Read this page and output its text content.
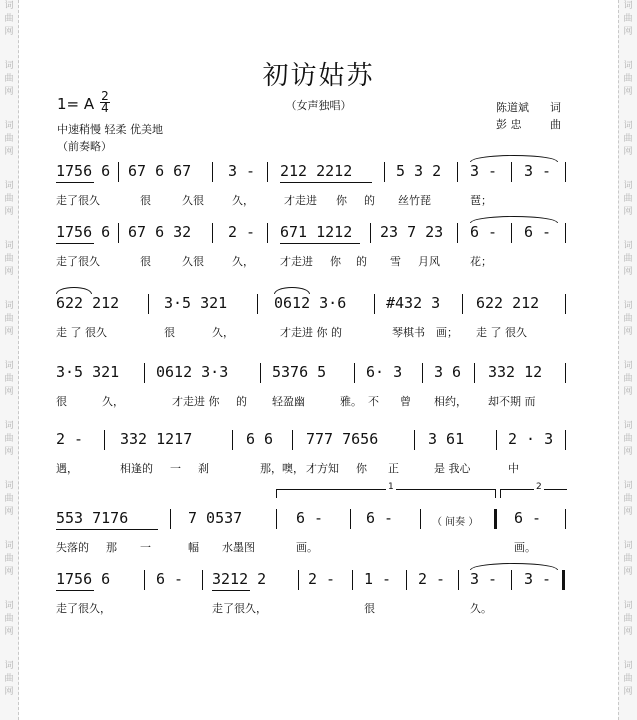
词
曲
网
词
曲
网
词
曲
网
词
曲
网
词
曲
网
词
曲
网
词
曲
网
词
曲
网
词
曲
网
词
曲
网
词
曲
网
词
曲
网
词
曲
网
词
曲
网
词
曲
网
词
曲
网
词
曲
网
词
曲
网
词
曲
网
词
曲
网
词
曲
网
词
曲
网
词
曲
网
词
曲
网
初访姑苏
（女声独唱）
1= A $\frac{2}{4}$
中速稍慢 轻柔 优美地
（前奏略）
陈道斌 词
彭 忠	曲
1756 6 67 6 67 3 - 212 2212	5 3 2 3 - 3 -
走了很久	很	久很	久，	才走进 你 的 丝竹琵	琶；
1756 6 67 6 32 2 - 671 1212 23 7 23 6 - 6 -
走了很久	很	久很	久， 才走进 你 的 雪 月风	花；
622 212	3·5 321	0612 3·6	#432 3 622 212
走 了 很久	很	久，	才走进 你 的	琴棋书 画； 走 了 很久
3·5 321 0612 3·3	5376 5	6· 3 3 6 332 12
很	久，	才走进 你 的 轻盈幽	雅。 不 曾 相约， 却不期 而
2 - 332 1217	6 6 777 7656	3 61	2 · 3
遇，	相逢的 一 刹	那，噢， 才方知 你 正	是 我心	中
1	2
553 7176	7 0537	6 -	6 -	（ 间奏 ） 6 -
失落的 那 一	幅 水墨图	画。	画。
1756 6	6 - 3212 2	2 - 1 - 2 - 3 - 3 -
走了很久，	走了很久，	很	久。
